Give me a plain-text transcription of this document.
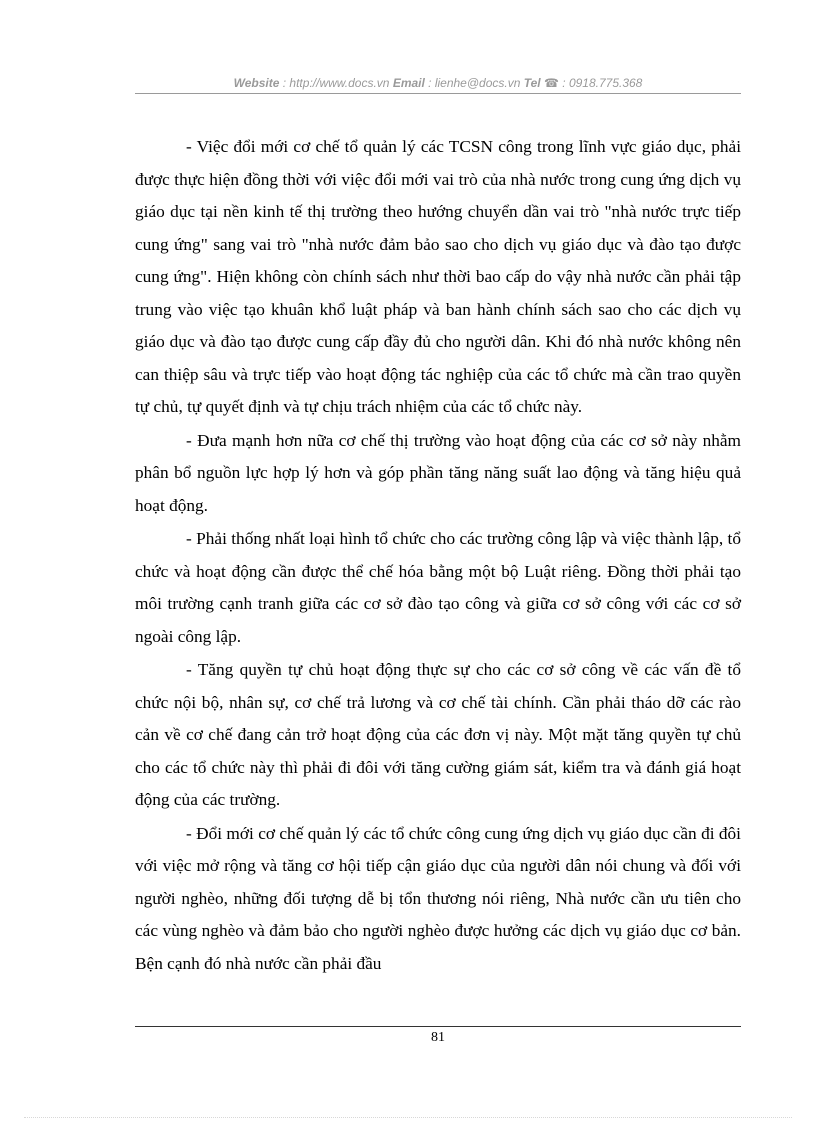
Website : http://www.docs.vn Email : lienhe@docs.vn Tel ☎ : 0918.775.368

- Việc đổi mới cơ chế tổ quản lý các TCSN công trong lĩnh vực giáo dục, phải được thực hiện đồng thời với việc đổi mới vai trò của nhà nước trong cung ứng dịch vụ giáo dục tại nền kinh tế thị trường theo hướng chuyển dần vai trò "nhà nước trực tiếp cung ứng" sang vai trò "nhà nước đảm bảo sao cho dịch vụ giáo dục và đào tạo được cung ứng". Hiện không còn chính sách như thời bao cấp do vậy nhà nước cần phải tập trung vào việc tạo khuân khổ luật pháp và ban hành chính sách sao cho các dịch vụ giáo dục và đào tạo được cung cấp đầy đủ cho người dân. Khi đó nhà nước không nên can thiệp sâu và trực tiếp vào hoạt động tác nghiệp của các tổ chức mà cần trao quyền tự chủ, tự quyết định và tự chịu trách nhiệm của các tổ chức này.

- Đưa mạnh hơn nữa cơ chế thị trường vào hoạt động của các cơ sở này nhằm phân bổ nguồn lực hợp lý hơn và góp phần tăng năng suất lao động và tăng hiệu quả hoạt động.

- Phải thống nhất loại hình tổ chức cho các trường công lập và việc thành lập, tổ chức và hoạt động cần được thể chế hóa bằng một bộ Luật riêng. Đồng thời phải tạo môi trường cạnh tranh giữa các cơ sở đào tạo công và giữa cơ sở công với các cơ sở ngoài công lập.

- Tăng quyền tự chủ hoạt động thực sự cho các cơ sở công về các vấn đề tổ chức nội bộ, nhân sự, cơ chế trả lương và cơ chế tài chính. Cần phải tháo dỡ các rào cản về cơ chế đang cản trở hoạt động của các đơn vị này. Một mặt tăng quyền tự chủ cho các tổ chức này thì phải đi đôi với tăng cường giám sát, kiểm tra và đánh giá hoạt động của các trường.

- Đổi mới cơ chế quản lý các tổ chức công cung ứng dịch vụ giáo dục cần đi đôi với việc mở rộng và tăng cơ hội tiếp cận giáo dục của người dân nói chung và đối với người nghèo, những đối tượng dễ bị tổn thương nói riêng, Nhà nước cần ưu tiên cho các vùng nghèo và đảm bảo cho người nghèo được hưởng các dịch vụ giáo dục cơ bản. Bện cạnh đó nhà nước cần phải đầu

81
